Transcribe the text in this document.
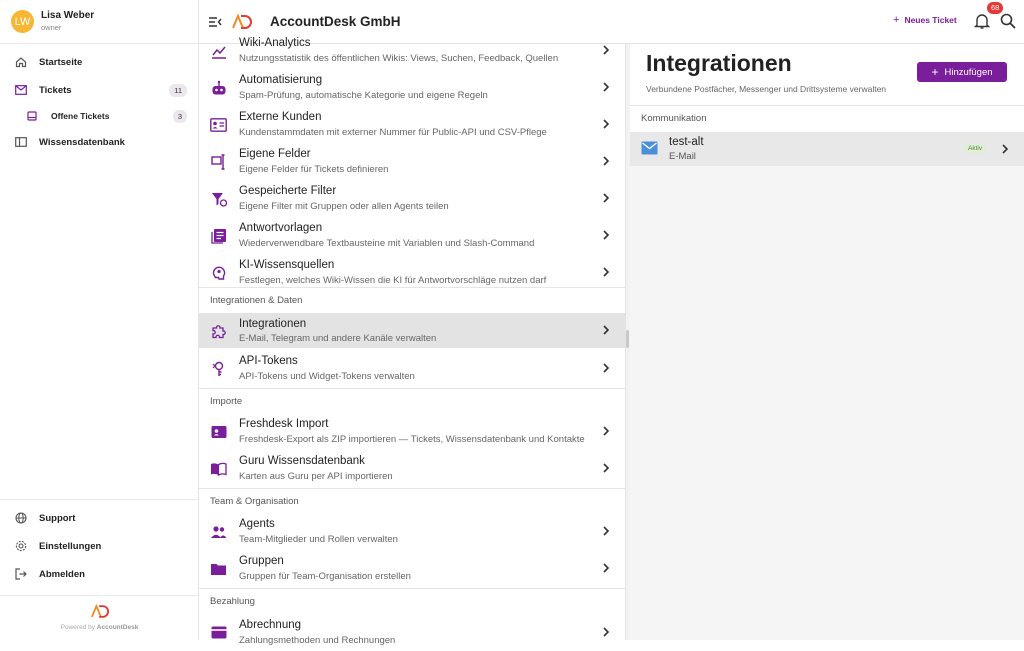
LW	Lisa Weber
owner
Startseite
Tickets	11
Offene Tickets	3
Wissensdatenbank
Support
Einstellungen
Abmelden
Powered by AccountDesk
AccountDesk GmbH	+ Neues Ticket
68
Wiki-Analytics
Nutzungsstatistik des öffentlichen Wikis: Views, Suchen, Feedback, Quellen
Automatisierung
Spam-Prüfung, automatische Kategorie und eigene Regeln
Externe Kunden
Kundenstammdaten mit externer Nummer für Public-API und CSV-Pflege
Eigene Felder
Eigene Felder für Tickets definieren
Gespeicherte Filter
Eigene Filter mit Gruppen oder allen Agents teilen
Antwortvorlagen
Wiederverwendbare Textbausteine mit Variablen und Slash-Command
KI-Wissensquellen
Festlegen, welches Wiki-Wissen die KI für Antwortvorschläge nutzen darf
Integrationen & Daten
Integrationen
E-Mail, Telegram und andere Kanäle verwalten
API-Tokens
API-Tokens und Widget-Tokens verwalten
Importe
Freshdesk Import
Freshdesk-Export als ZIP importieren — Tickets, Wissensdatenbank und Kontakte
Guru Wissensdatenbank
Karten aus Guru per API importieren
Team & Organisation
Agents
Team-Mitglieder und Rollen verwalten
Gruppen
Gruppen für Team-Organisation erstellen
Bezahlung
Abrechnung
Zahlungsmethoden und Rechnungen
Integrationen
Verbundene Postfächer, Messenger und Drittsysteme verwalten
+ Hinzufügen
Kommunikation
test-alt
E-Mail
Aktiv
